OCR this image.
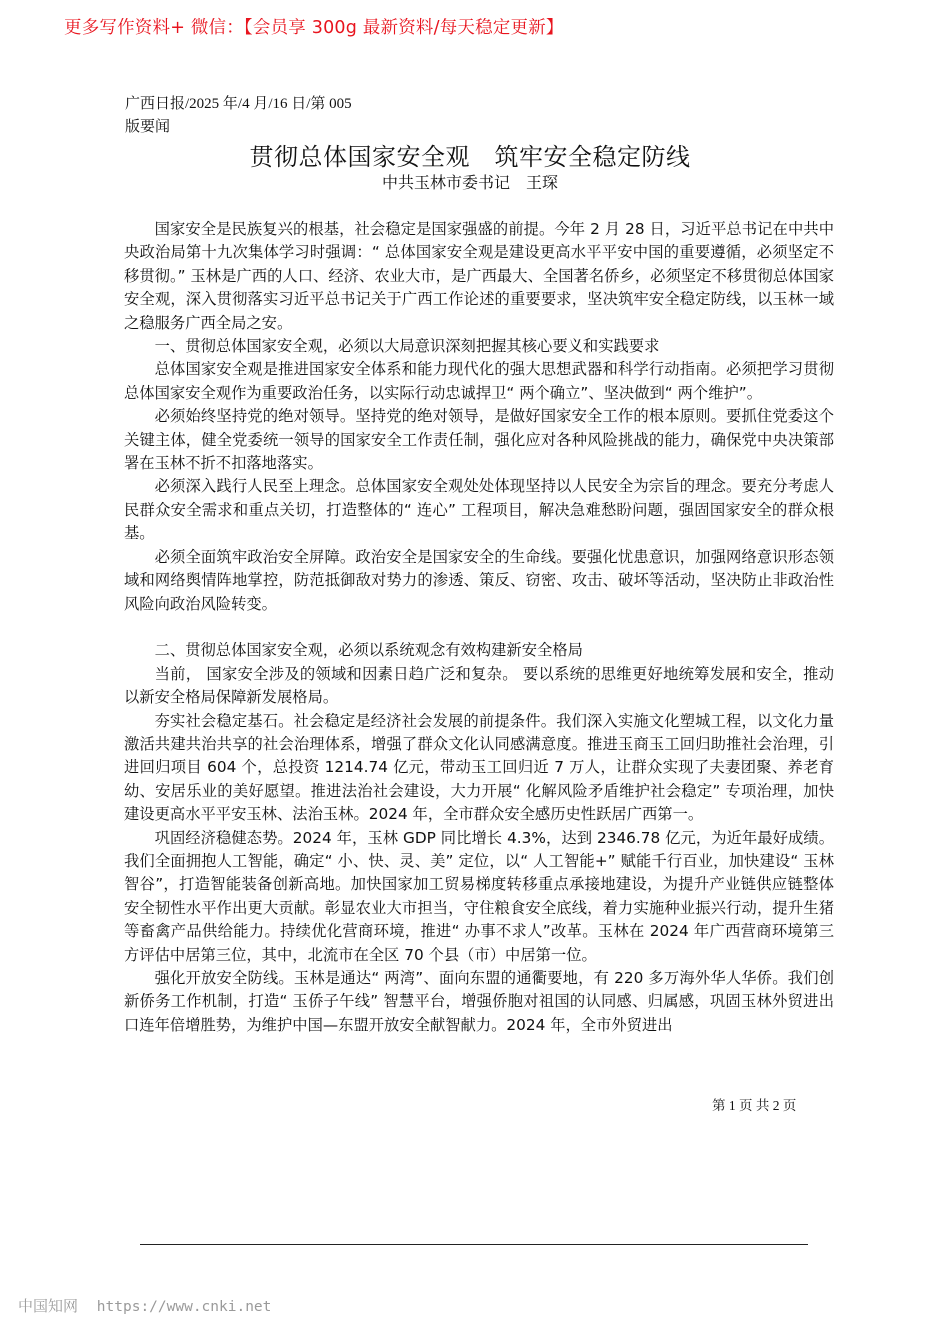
更多写作资料+ 微信：【会员享 300g 最新资料/每天稳定更新】
广西日报/2025 年/4 月/16 日/第 005
版要闻
贯彻总体国家安全观　筑牢安全稳定防线
中共玉林市委书记　王琛

国家安全是民族复兴的根基，社会稳定是国家强盛的前提。今年 2 月 28 日，习近平总书记在中共中央政治局第十九次集体学习时强调：“ 总体国家安全观是建设更高水平平安中国的重要遵循，必须坚定不移贯彻。” 玉林是广西的人口、经济、农业大市，是广西最大、全国著名侨乡，必须坚定不移贯彻总体国家安全观，深入贯彻落实习近平总书记关于广西工作论述的重要要求，坚决筑牢安全稳定防线，以玉林一域之稳服务广西全局之安。

一、贯彻总体国家安全观，必须以大局意识深刻把握其核心要义和实践要求

总体国家安全观是推进国家安全体系和能力现代化的强大思想武器和科学行动指南。必须把学习贯彻总体国家安全观作为重要政治任务，以实际行动忠诚捍卫“ 两个确立”、坚决做到“ 两个维护”。

必须始终坚持党的绝对领导。坚持党的绝对领导，是做好国家安全工作的根本原则。要抓住党委这个关键主体，健全党委统一领导的国家安全工作责任制，强化应对各种风险挑战的能力，确保党中央决策部署在玉林不折不扣落地落实。

必须深入践行人民至上理念。总体国家安全观处处体现坚持以人民安全为宗旨的理念。要充分考虑人民群众安全需求和重点关切，打造整体的“ 连心” 工程项目，解决急难愁盼问题，强固国家安全的群众根基。

必须全面筑牢政治安全屏障。政治安全是国家安全的生命线。要强化忧患意识，加强网络意识形态领域和网络舆情阵地掌控，防范抵御敌对势力的渗透、策反、窃密、攻击、破坏等活动，坚决防止非政治性风险向政治风险转变。

二、贯彻总体国家安全观，必须以系统观念有效构建新安全格局

当前， 国家安全涉及的领域和因素日趋广泛和复杂。 要以系统的思维更好地统筹发展和安全，推动以新安全格局保障新发展格局。

夯实社会稳定基石。社会稳定是经济社会发展的前提条件。我们深入实施文化塑城工程，以文化力量激活共建共治共享的社会治理体系，增强了群众文化认同感满意度。推进玉商玉工回归助推社会治理，引进回归项目 604 个，总投资 1214.74 亿元，带动玉工回归近 7 万人，让群众实现了夫妻团聚、养老育幼、安居乐业的美好愿望。推进法治社会建设，大力开展“ 化解风险矛盾维护社会稳定” 专项治理，加快建设更高水平平安玉林、法治玉林。2024 年，全市群众安全感历史性跃居广西第一。

巩固经济稳健态势。2024 年，玉林 GDP 同比增长 4.3%，达到 2346.78 亿元，为近年最好成绩。我们全面拥抱人工智能，确定“ 小、快、灵、美” 定位，以“ 人工智能+” 赋能千行百业，加快建设“ 玉林智谷”，打造智能装备创新高地。加快国家加工贸易梯度转移重点承接地建设，为提升产业链供应链整体安全韧性水平作出更大贡献。彰显农业大市担当，守住粮食安全底线，着力实施种业振兴行动，提升生猪等畜禽产品供给能力。持续优化营商环境，推进“ 办事不求人”改革。玉林在 2024 年广西营商环境第三方评估中居第三位，其中，北流市在全区 70 个县（市）中居第一位。

强化开放安全防线。玉林是通达“ 两湾”、面向东盟的通衢要地，有 220 多万海外华人华侨。我们创新侨务工作机制，打造“ 玉侨子午线” 智慧平台，增强侨胞对祖国的认同感、归属感，巩固玉林外贸进出口连年倍增胜势，为维护中国—东盟开放安全献智献力。2024 年，全市外贸进出

第 1 页 共 2 页
中国知网 https://www.cnki.net
